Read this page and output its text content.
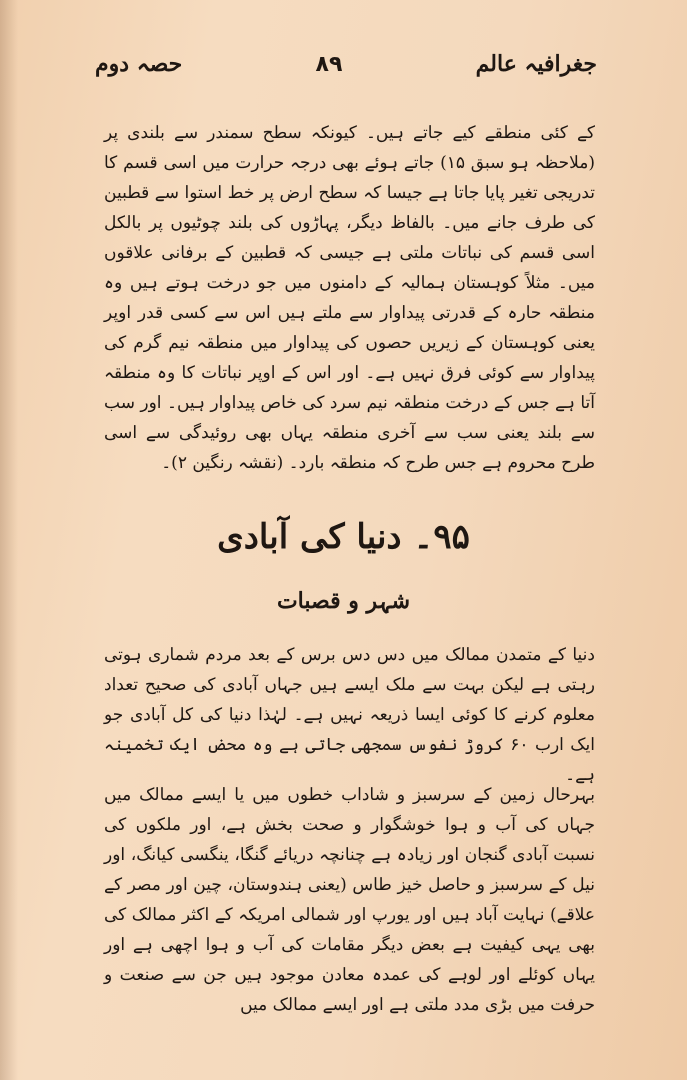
جغرافیہ عالم
۸۹
حصہ دوم

کے کئی منطقے کیے جاتے ہیں۔ کیونکہ سطح سمندر سے بلندی پر (ملاحظہ ہو سبق ۱۵) جاتے ہوئے بھی درجہ حرارت میں اسی قسم کا تدریجی تغیر پایا جاتا ہے جیسا کہ سطح ارض پر خط استوا سے قطبین کی طرف جانے میں۔ بالفاظ دیگر، پہاڑوں کی بلند چوٹیوں پر بالکل اسی قسم کی نباتات ملتی ہے جیسی کہ قطبین کے برفانی علاقوں میں۔ مثلاً کوہستان ہمالیہ کے دامنوں میں جو درخت ہوتے ہیں وہ منطقہ حارہ کے قدرتی پیداوار سے ملتے ہیں اس سے کسی قدر اوپر یعنی کوہستان کے زیریں حصوں کی پیداوار میں منطقہ نیم گرم کی پیداوار سے کوئی فرق نہیں ہے۔ اور اس کے اوپر نباتات کا وہ منطقہ آتا ہے جس کے درخت منطقہ نیم سرد کی خاص پیداوار ہیں۔ اور سب سے بلند یعنی سب سے آخری منطقہ یہاں بھی روئیدگی سے اسی طرح محروم ہے جس طرح کہ منطقہ بارد۔ (نقشہ رنگین ۲)۔

۹۵۔ دنیا کی آبادی
شہر و قصبات

دنیا کے متمدن ممالک میں دس دس برس کے بعد مردم شماری ہوتی رہتی ہے لیکن بہت سے ملک ایسے ہیں جہاں آبادی کی صحیح تعداد معلوم کرنے کا کوئی ایسا ذریعہ نہیں ہے۔ لہٰذا دنیا کی کل آبادی جو ایک ارب ۶۰ کروڑ نفوس سمجھی جاتی ہے وہ محض ایک تخمینہ ہے۔

بہرحال زمین کے سرسبز و شاداب خطوں میں یا ایسے ممالک میں جہاں کی آب و ہوا خوشگوار و صحت بخش ہے، اور ملکوں کی نسبت آبادی گنجان اور زیادہ ہے چنانچہ دریائے گنگا، ینگسی کیانگ، اور نیل کے سرسبز و حاصل خیز طاس (یعنی ہندوستان، چین اور مصر کے علاقے) نہایت آباد ہیں اور یورپ اور شمالی امریکہ کے اکثر ممالک کی بھی یہی کیفیت ہے بعض دیگر مقامات کی آب و ہوا اچھی ہے اور یہاں کوئلے اور لوہے کی عمدہ معادن موجود ہیں جن سے صنعت و حرفت میں بڑی مدد ملتی ہے اور ایسے ممالک میں
